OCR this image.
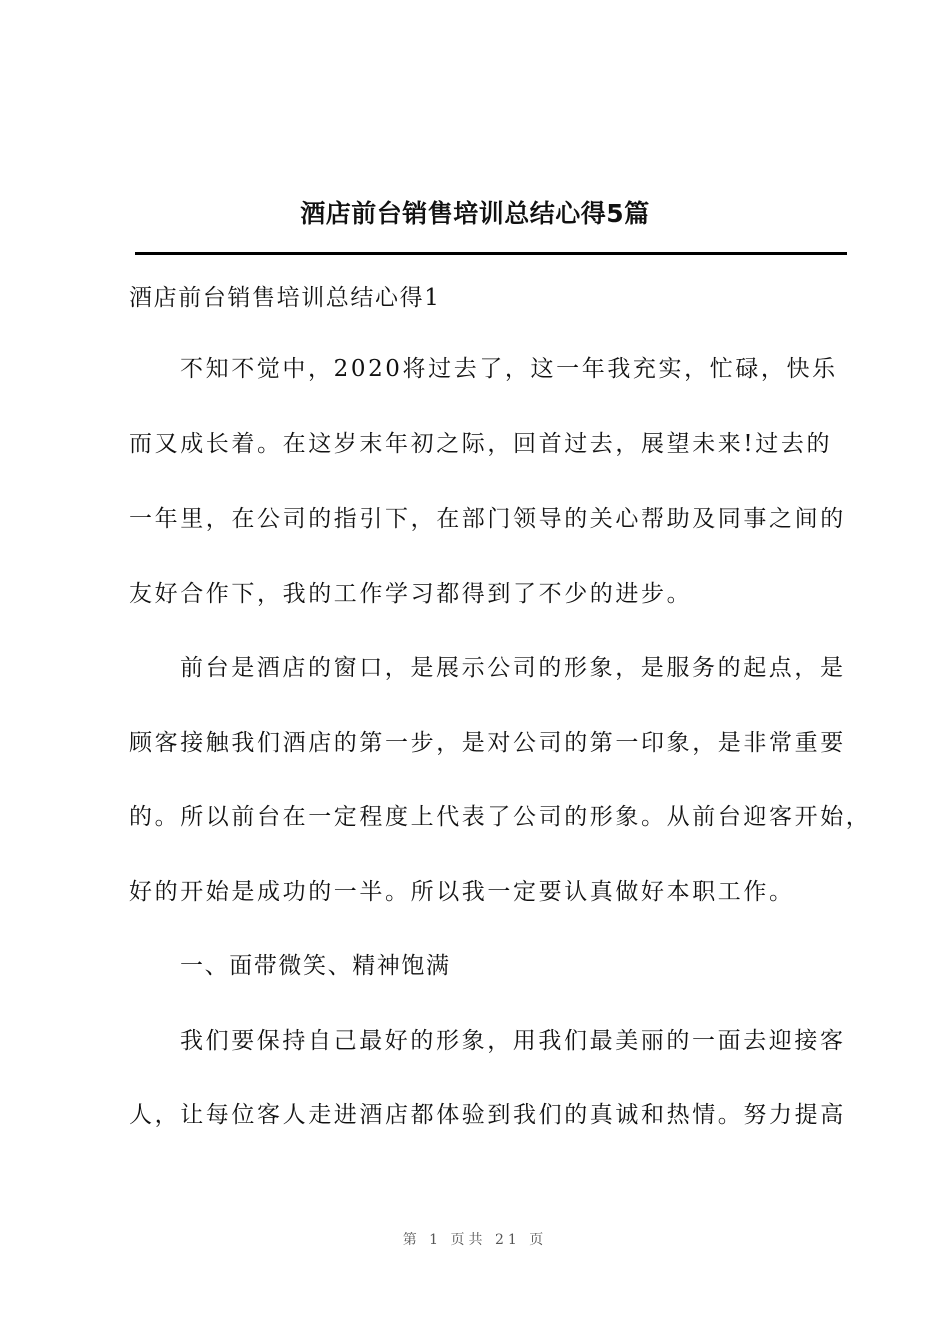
酒店前台销售培训总结心得5篇
酒店前台销售培训总结心得1
不知不觉中，2020将过去了，这一年我充实，忙碌，快乐
而又成长着。在这岁末年初之际，回首过去，展望未来!过去的
一年里，在公司的指引下，在部门领导的关心帮助及同事之间的
友好合作下，我的工作学习都得到了不少的进步。
前台是酒店的窗口，是展示公司的形象，是服务的起点，是
顾客接触我们酒店的第一步，是对公司的第一印象，是非常重要
的。所以前台在一定程度上代表了公司的形象。从前台迎客开始，
好的开始是成功的一半。所以我一定要认真做好本职工作。
一、面带微笑、精神饱满
我们要保持自己最好的形象，用我们最美丽的一面去迎接客
人，让每位客人走进酒店都体验到我们的真诚和热情。努力提高
第 1 页共 21 页
